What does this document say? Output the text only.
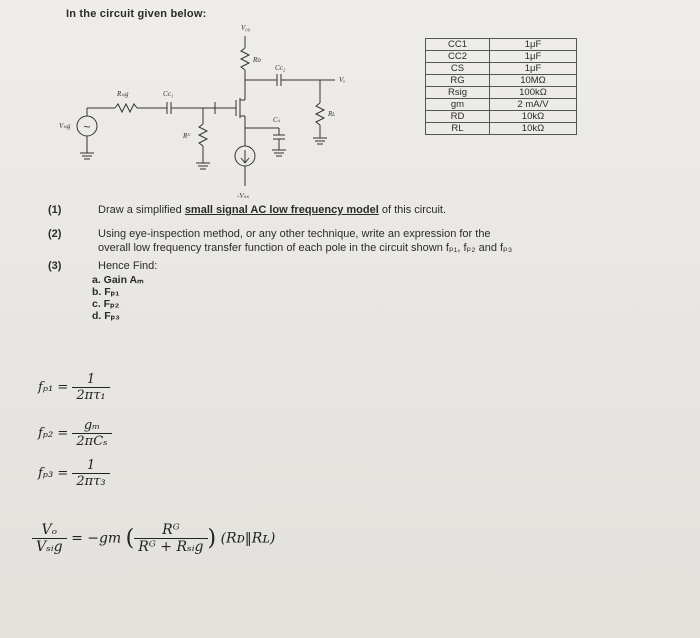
In the circuit given below:
~
V₀₀
Rᴅ
Cᴄ₂
Vₒ
Rʟ
Rₛᵢg	Cᴄ₁
Cₛ
Rᴳ
Vₛᵢg
-Vₛₛ
CC1	1μF
CC2	1μF
CS	1μF
RG	10MΩ
Rsig	100kΩ
gm	2 mA/V
RD	10kΩ
RL	10kΩ
(1)	Draw a simplified small signal AC low frequency model of this circuit.
(2)	Using eye-inspection method, or any other technique, write an expression for the
overall low frequency transfer function of each pole in the circuit shown fₚ₁, fₚ₂ and fₚ₃
(3)	Hence Find:
a. Gain Aₘ
b. Fₚ₁
c. Fₚ₂
d. Fₚ₃
$f_{p1} = \frac{1}{\text{2πτ₁}}$
$f_{p2} = \frac{\text{gₘ}}{\text{2πCₛ}}$
$f_{p3} = \frac{1}{\text{2πτ₃}}$
$\frac{\text{Vₒ}}{\text{Vₛᵢg}} = -gm$ ( $\frac{\text{Rᴳ}}{\text{Rᴳ + Rₛᵢg}}$ ) (Rᴅ‖Rʟ)
